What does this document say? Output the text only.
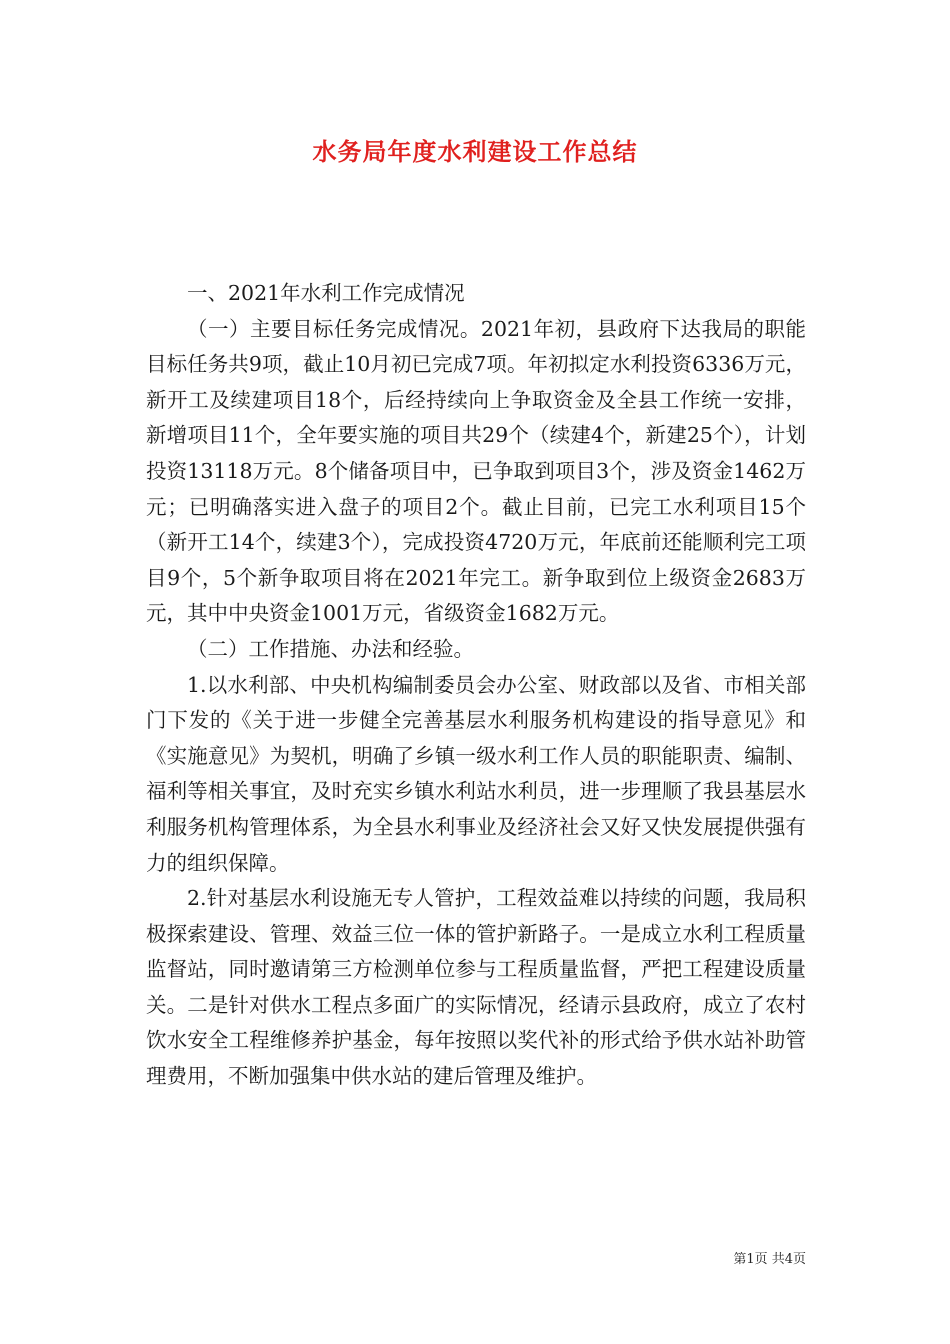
水务局年度水利建设工作总结

一、2021年水利工作完成情况

（一）主要目标任务完成情况。2021年初，县政府下达我局的职能目标任务共9项，截止10月初已完成7项。年初拟定水利投资6336万元，新开工及续建项目18个，后经持续向上争取资金及全县工作统一安排，新增项目11个，全年要实施的项目共29个（续建4个，新建25个），计划投资13118万元。8个储备项目中，已争取到项目3个，涉及资金1462万元；已明确落实进入盘子的项目2个。截止目前，已完工水利项目15个（新开工14个，续建3个），完成投资4720万元，年底前还能顺利完工项目9个，5个新争取项目将在2021年完工。新争取到位上级资金2683万元，其中中央资金1001万元，省级资金1682万元。

（二）工作措施、办法和经验。

1.以水利部、中央机构编制委员会办公室、财政部以及省、市相关部门下发的《关于进一步健全完善基层水利服务机构建设的指导意见》和《实施意见》为契机，明确了乡镇一级水利工作人员的职能职责、编制、福利等相关事宜，及时充实乡镇水利站水利员，进一步理顺了我县基层水利服务机构管理体系，为全县水利事业及经济社会又好又快发展提供强有力的组织保障。

2.针对基层水利设施无专人管护，工程效益难以持续的问题，我局积极探索建设、管理、效益三位一体的管护新路子。一是成立水利工程质量监督站，同时邀请第三方检测单位参与工程质量监督，严把工程建设质量关。二是针对供水工程点多面广的实际情况，经请示县政府，成立了农村饮水安全工程维修养护基金，每年按照以奖代补的形式给予供水站补助管理费用，不断加强集中供水站的建后管理及维护。

第1页 共4页
